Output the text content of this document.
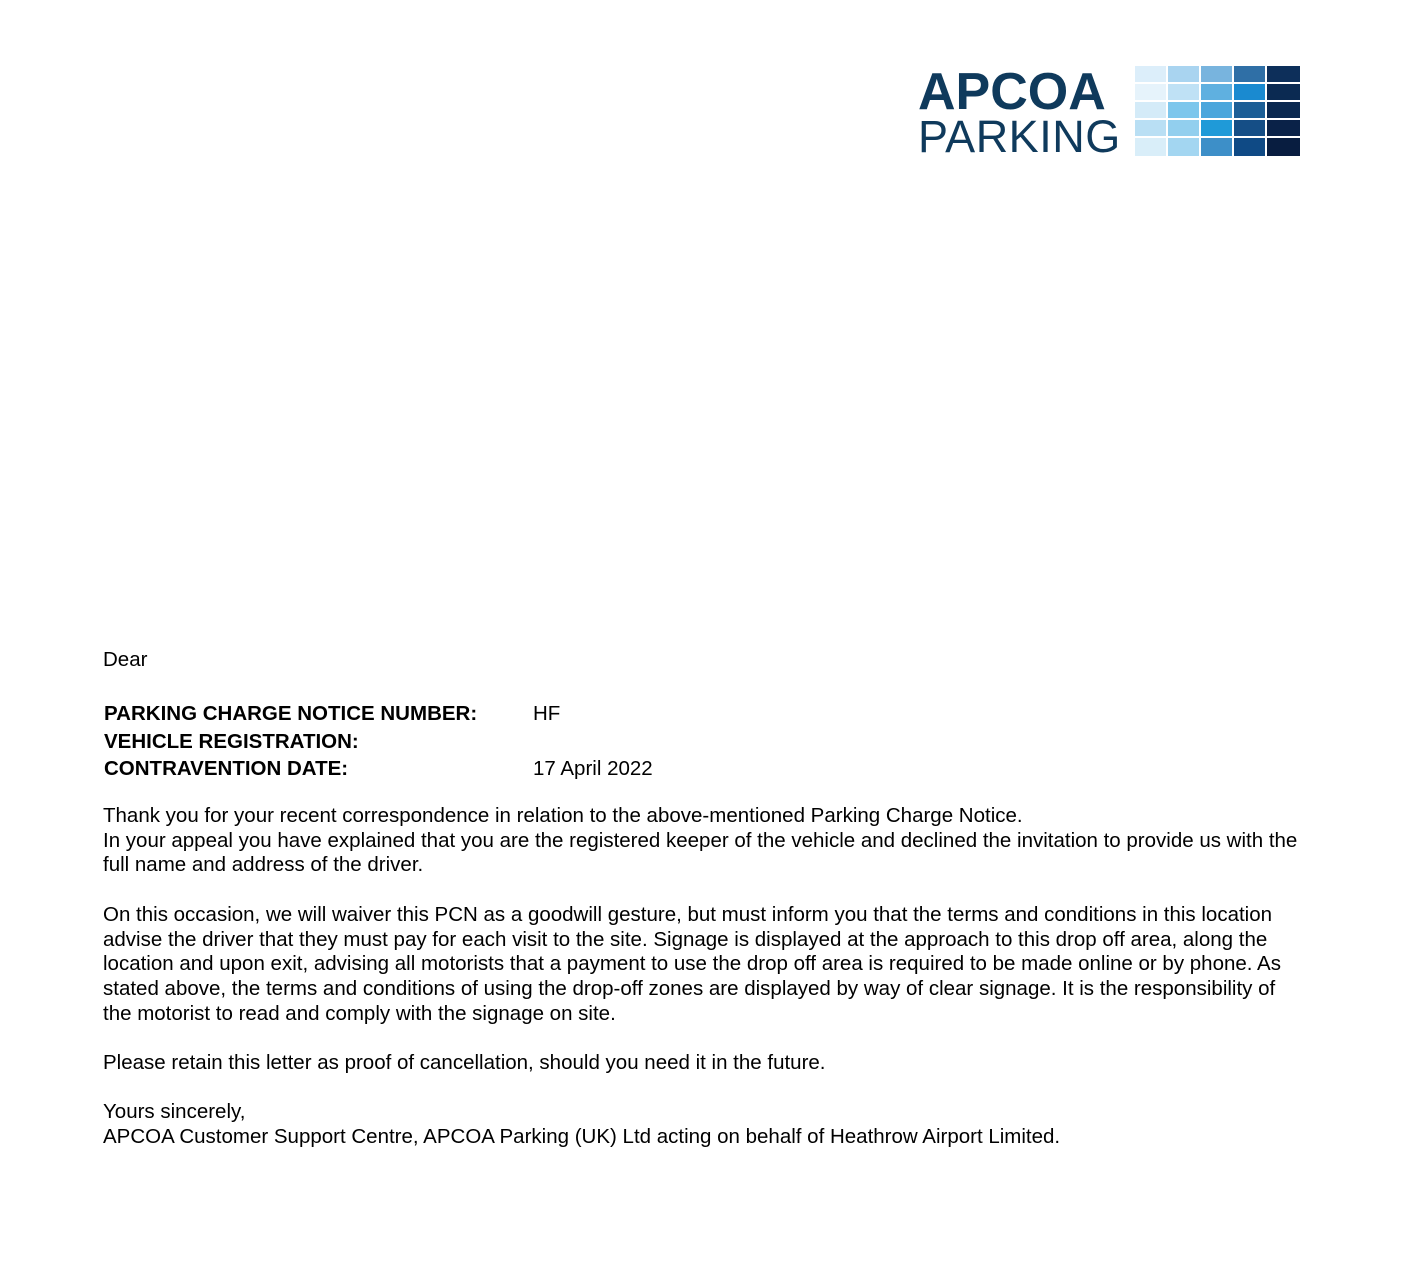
APCOA
PARKING
Dear
PARKING CHARGE NOTICE NUMBER:	HF
VEHICLE REGISTRATION:
CONTRAVENTION DATE:	17 April 2022

Thank you for your recent correspondence in relation to the above-mentioned Parking Charge Notice.

In your appeal you have explained that you are the registered keeper of the vehicle and declined the invitation to provide us with the full name and address of the driver.

On this occasion, we will waiver this PCN as a goodwill gesture, but must inform you that the terms and conditions in this location advise the driver that they must pay for each visit to the site. Signage is displayed at the approach to this drop off area, along the location and upon exit, advising all motorists that a payment to use the drop off area is required to be made online or by phone. As stated above, the terms and conditions of using the drop-off zones are displayed by way of clear signage. It is the responsibility of the motorist to read and comply with the signage on site.

Please retain this letter as proof of cancellation, should you need it in the future.

Yours sincerely,

APCOA Customer Support Centre, APCOA Parking (UK) Ltd acting on behalf of Heathrow Airport Limited.
